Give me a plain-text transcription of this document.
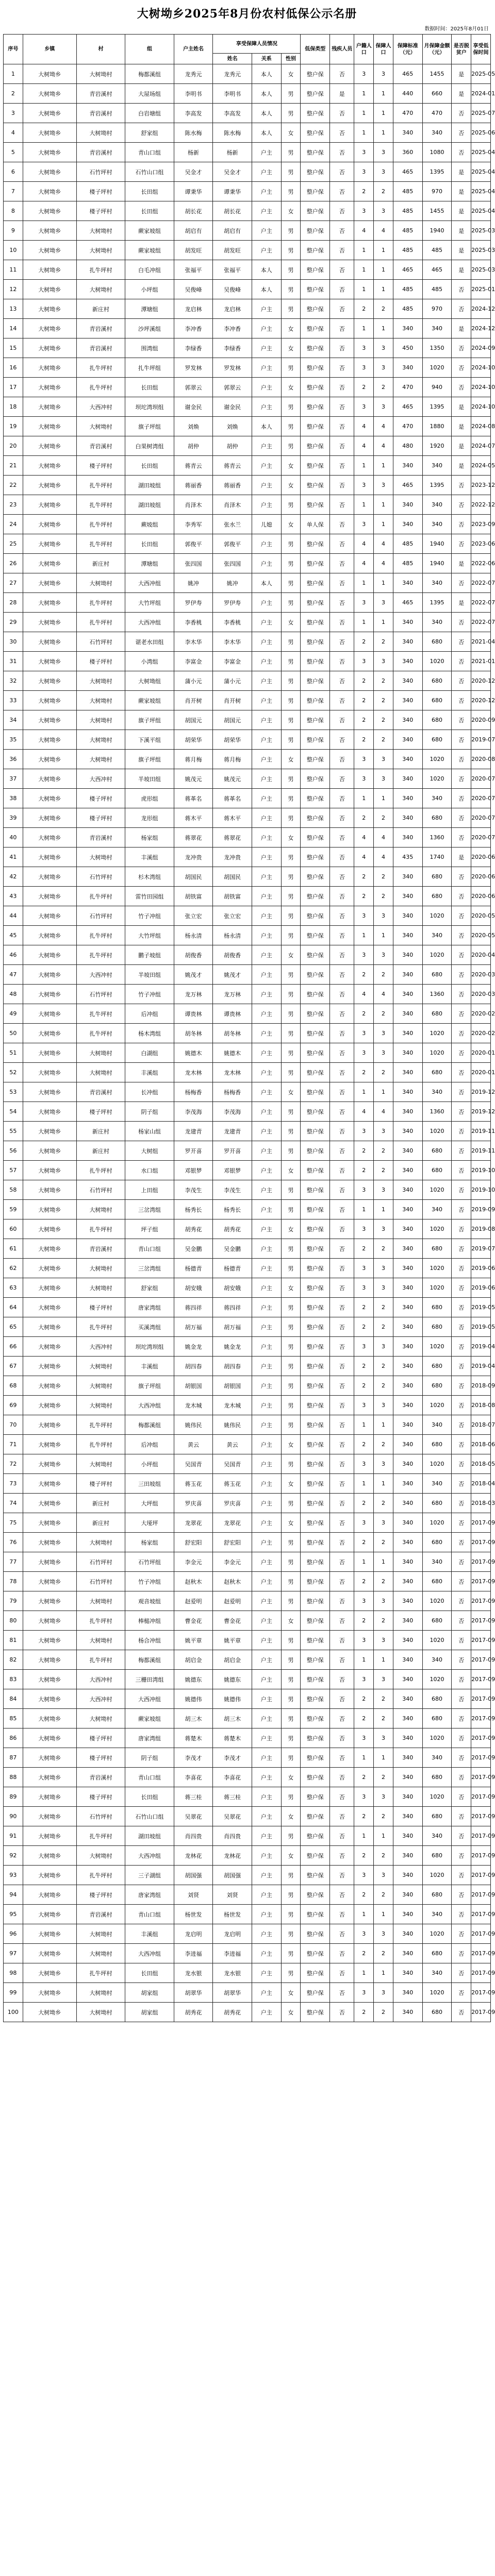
大树坳乡2025年8月份农村低保公示名册
数据时间：2025年8月01日
序号	乡镇	村	组	户主姓名	享受保障人员情况			低保类型	残疾人员	户籍人口	保障人口	保障标准（元）	月保障金额（元）	是否脱贫户	享受低保时间
					姓名	关系	性别								
1	大树坳乡	大树坳村	梅都溪组	龙秀元	龙秀元	本人	女	整户保	否	3	3	465	1455	是	2025-05
2	大树坳乡	青岩溪村	大屋场组	李明书	李明书	本人	男	整户保	是	1	1	440	660	是	2024-01
3	大树坳乡	青岩溪村	白岩塘组	李高发	李高发	本人	男	整户保	否	1	1	470	470	否	2025-07
4	大树坳乡	大树坳村	舒家组	陈水梅	陈水梅	本人	女	整户保	否	1	1	340	340	否	2025-06
5	大树坳乡	青岩溪村	青山口组	杨新	杨新	户主	男	整户保	否	3	3	360	1080	否	2025-04
6	大树坳乡	石竹坪村	石竹山口组	吴金才	吴金才	户主	男	整户保	否	3	3	465	1395	是	2025-04
7	大树坳乡	楼子坪村	长田组	谭秉华	谭秉华	户主	男	整户保	否	2	2	485	970	是	2025-04
8	大树坳乡	楼子坪村	长田组	胡长花	胡长花	户主	女	整户保	否	3	3	485	1455	是	2025-04
9	大树坳乡	大树坳村	蕨家坡组	胡启有	胡启有	户主	男	整户保	否	4	4	485	1940	是	2025-03
10	大树坳乡	大树坳村	蕨家坡组	胡发旺	胡发旺	户主	男	整户保	否	1	1	485	485	是	2025-03
11	大树坳乡	扎牛坪村	白毛冲组	张福平	张福平	本人	男	整户保	否	1	1	465	465	是	2025-03
12	大树坳乡	大树坳村	小坪组	吴俊峰	吴俊峰	本人	男	整户保	否	1	1	485	485	否	2025-01
13	大树坳乡	新庄村	潭塘组	龙启林	龙启林	户主	男	整户保	否	2	2	485	970	否	2024-12
14	大树坳乡	青岩溪村	沙坪溪组	李冲香	李冲香	户主	女	整户保	否	1	1	340	340	是	2024-12
15	大树坳乡	青岩溪村	围湾组	李绿香	李绿香	户主	女	整户保	否	3	3	450	1350	否	2024-09
16	大树坳乡	扎牛坪村	扎牛坪组	罗发林	罗发林	户主	男	整户保	否	3	3	340	1020	否	2024-10
17	大树坳乡	扎牛坪村	长田组	郭翠云	郭翠云	户主	女	整户保	否	2	2	470	940	否	2024-10
18	大树坳乡	大西冲村	坝坨湾坝组	谢金民	谢金民	户主	男	整户保	否	3	3	465	1395	是	2024-10
19	大树坳乡	大树坳村	旗子坪组	刘焕	刘焕	本人	男	整户保	否	4	4	470	1880	是	2024-08
20	大树坳乡	青岩溪村	白果树湾组	胡仲	胡仲	户主	男	整户保	否	4	4	480	1920	是	2024-07
21	大树坳乡	楼子坪村	长田组	蒋青云	蒋青云	户主	女	整户保	否	1	1	340	340	是	2024-05
22	大树坳乡	扎牛坪村	湖田坡组	蒋丽香	蒋丽香	户主	女	整户保	否	3	3	465	1395	否	2023-12
23	大树坳乡	扎牛坪村	湖田坡组	肖泽木	肖泽木	户主	男	整户保	否	1	1	340	340	否	2022-12
24	大树坳乡	扎牛坪村	蕨坡组	李秀军	张水兰	儿媳	女	单人保	否	3	1	340	340	否	2023-09
25	大树坳乡	扎牛坪村	长田组	郭俊平	郭俊平	户主	男	整户保	否	4	4	485	1940	否	2023-06
26	大树坳乡	新庄村	潭塘组	张四国	张四国	户主	男	整户保	否	4	4	485	1940	是	2022-06
27	大树坳乡	大树坳村	大西冲组	姚冲	姚冲	本人	男	整户保	否	1	1	340	340	否	2022-07
28	大树坳乡	扎牛坪村	大竹坪组	罗伊寿	罗伊寿	户主	男	整户保	否	3	3	465	1395	是	2022-07
29	大树坳乡	扎牛坪村	大西冲组	李香桃	李香桃	户主	女	整户保	否	1	1	340	340	否	2022-07
30	大树坳乡	石竹坪村	谌老水田组	李木华	李木华	户主	男	整户保	否	2	2	340	680	否	2021-04
31	大树坳乡	楼子坪村	小湾组	李富金	李富金	户主	男	整户保	否	3	3	340	1020	否	2021-01
32	大树坳乡	大树坳村	大树坳组	蒲小元	蒲小元	户主	男	整户保	否	2	2	340	680	否	2020-12
33	大树坳乡	大树坳村	蕨家坡组	肖开树	肖开树	户主	男	整户保	否	2	2	340	680	否	2020-12
34	大树坳乡	大树坳村	旗子坪组	胡国元	胡国元	户主	男	整户保	否	2	2	340	680	否	2020-09
35	大树坳乡	大树坳村	下溪平组	胡荣华	胡荣华	户主	男	整户保	否	2	2	340	680	否	2019-07
36	大树坳乡	大树坳村	旗子坪组	蒋月梅	蒋月梅	户主	女	整户保	否	3	3	340	1020	否	2020-08
37	大树坳乡	大西冲村	半坡田组	姚茂元	姚茂元	户主	男	整户保	否	3	3	340	1020	否	2020-07
38	大树坳乡	楼子坪村	虎形组	蒋革名	蒋革名	户主	男	整户保	否	1	1	340	340	否	2020-07
39	大树坳乡	楼子坪村	龙形组	蒋木平	蒋木平	户主	男	整户保	否	2	2	340	680	否	2020-07
40	大树坳乡	青岩溪村	杨家组	蒋翠花	蒋翠花	户主	女	整户保	否	4	4	340	1360	否	2020-07
41	大树坳乡	大树坳村	丰溪组	龙冲贵	龙冲贵	户主	男	整户保	否	4	4	435	1740	是	2020-06
42	大树坳乡	石竹坪村	杉木湾组	胡国民	胡国民	户主	男	整户保	否	2	2	340	680	否	2020-06
43	大树坳乡	扎牛坪村	雷竹田园组	胡铁富	胡铁富	户主	男	整户保	否	2	2	340	680	否	2020-06
44	大树坳乡	石竹坪村	竹子冲组	张立宏	张立宏	户主	男	整户保	否	3	3	340	1020	否	2020-05
45	大树坳乡	扎牛坪村	大竹坪组	杨永清	杨永清	户主	男	整户保	否	1	1	340	340	否	2020-05
46	大树坳乡	扎牛坪村	鹏子坡组	胡俊香	胡俊香	户主	女	整户保	否	3	3	340	1020	否	2020-04
47	大树坳乡	大西冲村	半坡田组	姚茂才	姚茂才	户主	男	整户保	否	2	2	340	680	否	2020-03
48	大树坳乡	石竹坪村	竹子冲组	龙万林	龙万林	户主	男	整户保	否	4	4	340	1360	否	2020-03
49	大树坳乡	扎牛坪村	后冲组	谭贵林	谭贵林	户主	男	整户保	否	2	2	340	680	否	2020-02
50	大树坳乡	扎牛坪村	杨木湾组	胡冬林	胡冬林	户主	男	整户保	否	3	3	340	1020	否	2020-02
51	大树坳乡	大树坳村	白湖组	姚德木	姚德木	户主	男	整户保	否	3	3	340	1020	否	2020-01
52	大树坳乡	大树坳村	丰溪组	龙木林	龙木林	户主	男	整户保	否	2	2	340	680	否	2020-01
53	大树坳乡	青岩溪村	长冲组	杨梅香	杨梅香	户主	女	整户保	否	1	1	340	340	否	2019-12
54	大树坳乡	楼子坪村	阴子组	李茂海	李茂海	户主	男	整户保	否	4	4	340	1360	否	2019-12
55	大树坳乡	新庄村	杨家山组	龙建青	龙建青	户主	男	整户保	否	3	3	340	1020	否	2019-11
56	大树坳乡	新庄村	大树组	罗开喜	罗开喜	户主	男	整户保	否	2	2	340	680	否	2019-11
57	大树坳乡	扎牛坪村	水口组	邓银梦	邓银梦	户主	女	整户保	否	2	2	340	680	否	2019-10
58	大树坳乡	石竹坪村	上田组	李茂生	李茂生	户主	男	整户保	否	3	3	340	1020	否	2019-10
59	大树坳乡	大树坳村	三岔湾组	杨秀长	杨秀长	户主	男	整户保	否	1	1	340	340	否	2019-09
60	大树坳乡	扎牛坪村	坪子组	胡秀花	胡秀花	户主	女	整户保	否	3	3	340	1020	否	2019-08
61	大树坳乡	青岩溪村	青山口组	吴金鹏	吴金鹏	户主	男	整户保	否	2	2	340	680	否	2019-07
62	大树坳乡	大树坳村	三岔湾组	杨德青	杨德青	户主	男	整户保	否	3	3	340	1020	否	2019-06
63	大树坳乡	大树坳村	舒家组	胡安娥	胡安娥	户主	女	整户保	否	3	3	340	1020	否	2019-06
64	大树坳乡	楼子坪村	唐家湾组	蒋四祥	蒋四祥	户主	男	整户保	否	2	2	340	680	否	2019-05
65	大树坳乡	扎牛坪村	买溪湾组	胡万福	胡万福	户主	男	整户保	否	2	2	340	680	否	2019-05
66	大树坳乡	大西冲村	坝坨湾坝组	姚金龙	姚金龙	户主	男	整户保	否	3	3	340	1020	否	2019-04
67	大树坳乡	大树坳村	丰溪组	胡四春	胡四春	户主	男	整户保	否	2	2	340	680	否	2019-04
68	大树坳乡	大树坳村	旗子坪组	胡银国	胡银国	户主	男	整户保	否	2	2	340	680	否	2018-09
69	大树坳乡	大树坳村	大西冲组	龙木城	龙木城	户主	男	整户保	否	3	3	340	1020	否	2018-08
70	大树坳乡	扎牛坪村	梅都溪组	姚伟民	姚伟民	户主	男	整户保	否	1	1	340	340	否	2018-07
71	大树坳乡	扎牛坪村	后冲组	黄云	黄云	户主	女	整户保	否	2	2	340	680	否	2018-06
72	大树坳乡	大树坳村	小坪组	吴国青	吴国青	户主	男	整户保	否	3	3	340	1020	否	2018-05
73	大树坳乡	楼子坪村	三田坡组	蒋玉花	蒋玉花	户主	女	整户保	否	1	1	340	340	否	2018-04
74	大树坳乡	新庄村	大坪组	罗庆喜	罗庆喜	户主	男	整户保	否	2	2	340	680	否	2018-03
75	大树坳乡	新庄村	大垭坪	龙翠花	龙翠花	户主	女	整户保	否	3	3	340	1020	否	2017-09
76	大树坳乡	大树坳村	杨家组	舒宏阳	舒宏阳	户主	男	整户保	否	2	2	340	680	否	2017-09
77	大树坳乡	石竹坪村	石竹坪组	李金元	李金元	户主	男	整户保	否	1	1	340	340	否	2017-09
78	大树坳乡	石竹坪村	竹子冲组	赵秋木	赵秋木	户主	男	整户保	否	2	2	340	680	否	2017-09
79	大树坳乡	大树坳村	观音坡组	赵爱明	赵爱明	户主	男	整户保	否	3	3	340	1020	否	2017-09
80	大树坳乡	扎牛坪村	棒槌冲组	曹金花	曹金花	户主	女	整户保	否	2	2	340	680	否	2017-09
81	大树坳乡	大树坳村	杨合冲组	姚平章	姚平章	户主	男	整户保	否	3	3	340	1020	否	2017-09
82	大树坳乡	扎牛坪村	梅都溪组	胡启金	胡启金	户主	男	整户保	否	1	1	340	340	否	2017-09
83	大树坳乡	大西冲村	三栅田湾组	姚德东	姚德东	户主	男	整户保	否	3	3	340	1020	否	2017-09
84	大树坳乡	大西冲村	大西冲组	姚德伟	姚德伟	户主	男	整户保	否	2	2	340	680	否	2017-09
85	大树坳乡	大树坳村	蕨家坡组	胡三木	胡三木	户主	男	整户保	否	2	2	340	680	否	2017-09
86	大树坳乡	楼子坪村	唐家湾组	蒋楚木	蒋楚木	户主	男	整户保	否	3	3	340	1020	否	2017-09
87	大树坳乡	楼子坪村	阴子组	李茂才	李茂才	户主	男	整户保	否	1	1	340	340	否	2017-09
88	大树坳乡	青岩溪村	青山口组	李喜花	李喜花	户主	女	整户保	否	2	2	340	680	否	2017-09
89	大树坳乡	楼子坪村	长田组	蒋三桂	蒋三桂	户主	男	整户保	否	3	3	340	1020	否	2017-09
90	大树坳乡	石竹坪村	石竹山口组	吴翠花	吴翠花	户主	女	整户保	否	2	2	340	680	否	2017-09
91	大树坳乡	扎牛坪村	湖田坡组	肖四贵	肖四贵	户主	男	整户保	否	1	1	340	340	否	2017-09
92	大树坳乡	大树坳村	大西冲组	龙林花	龙林花	户主	女	整户保	否	2	2	340	680	否	2017-09
93	大树坳乡	扎牛坪村	三子湖组	胡国强	胡国强	户主	男	整户保	否	3	3	340	1020	否	2017-09
94	大树坳乡	楼子坪村	唐家湾组	刘贤	刘贤	户主	男	整户保	否	2	2	340	680	否	2017-09
95	大树坳乡	青岩溪村	青山口组	杨世发	杨世发	户主	男	整户保	否	1	1	340	340	否	2017-09
96	大树坳乡	大树坳村	丰溪组	龙启明	龙启明	户主	男	整户保	否	3	3	340	1020	否	2017-09
97	大树坳乡	大树坳村	大西冲组	李进福	李进福	户主	男	整户保	否	2	2	340	680	否	2017-09
98	大树坳乡	扎牛坪村	长田组	龙水银	龙水银	户主	男	整户保	否	1	1	340	340	否	2017-09
99	大树坳乡	大树坳村	胡家组	胡翠华	胡翠华	户主	女	整户保	否	3	3	340	1020	否	2017-09
100	大树坳乡	大树坳村	胡家组	胡秀花	胡秀花	户主	女	整户保	否	2	2	340	680	否	2017-09
